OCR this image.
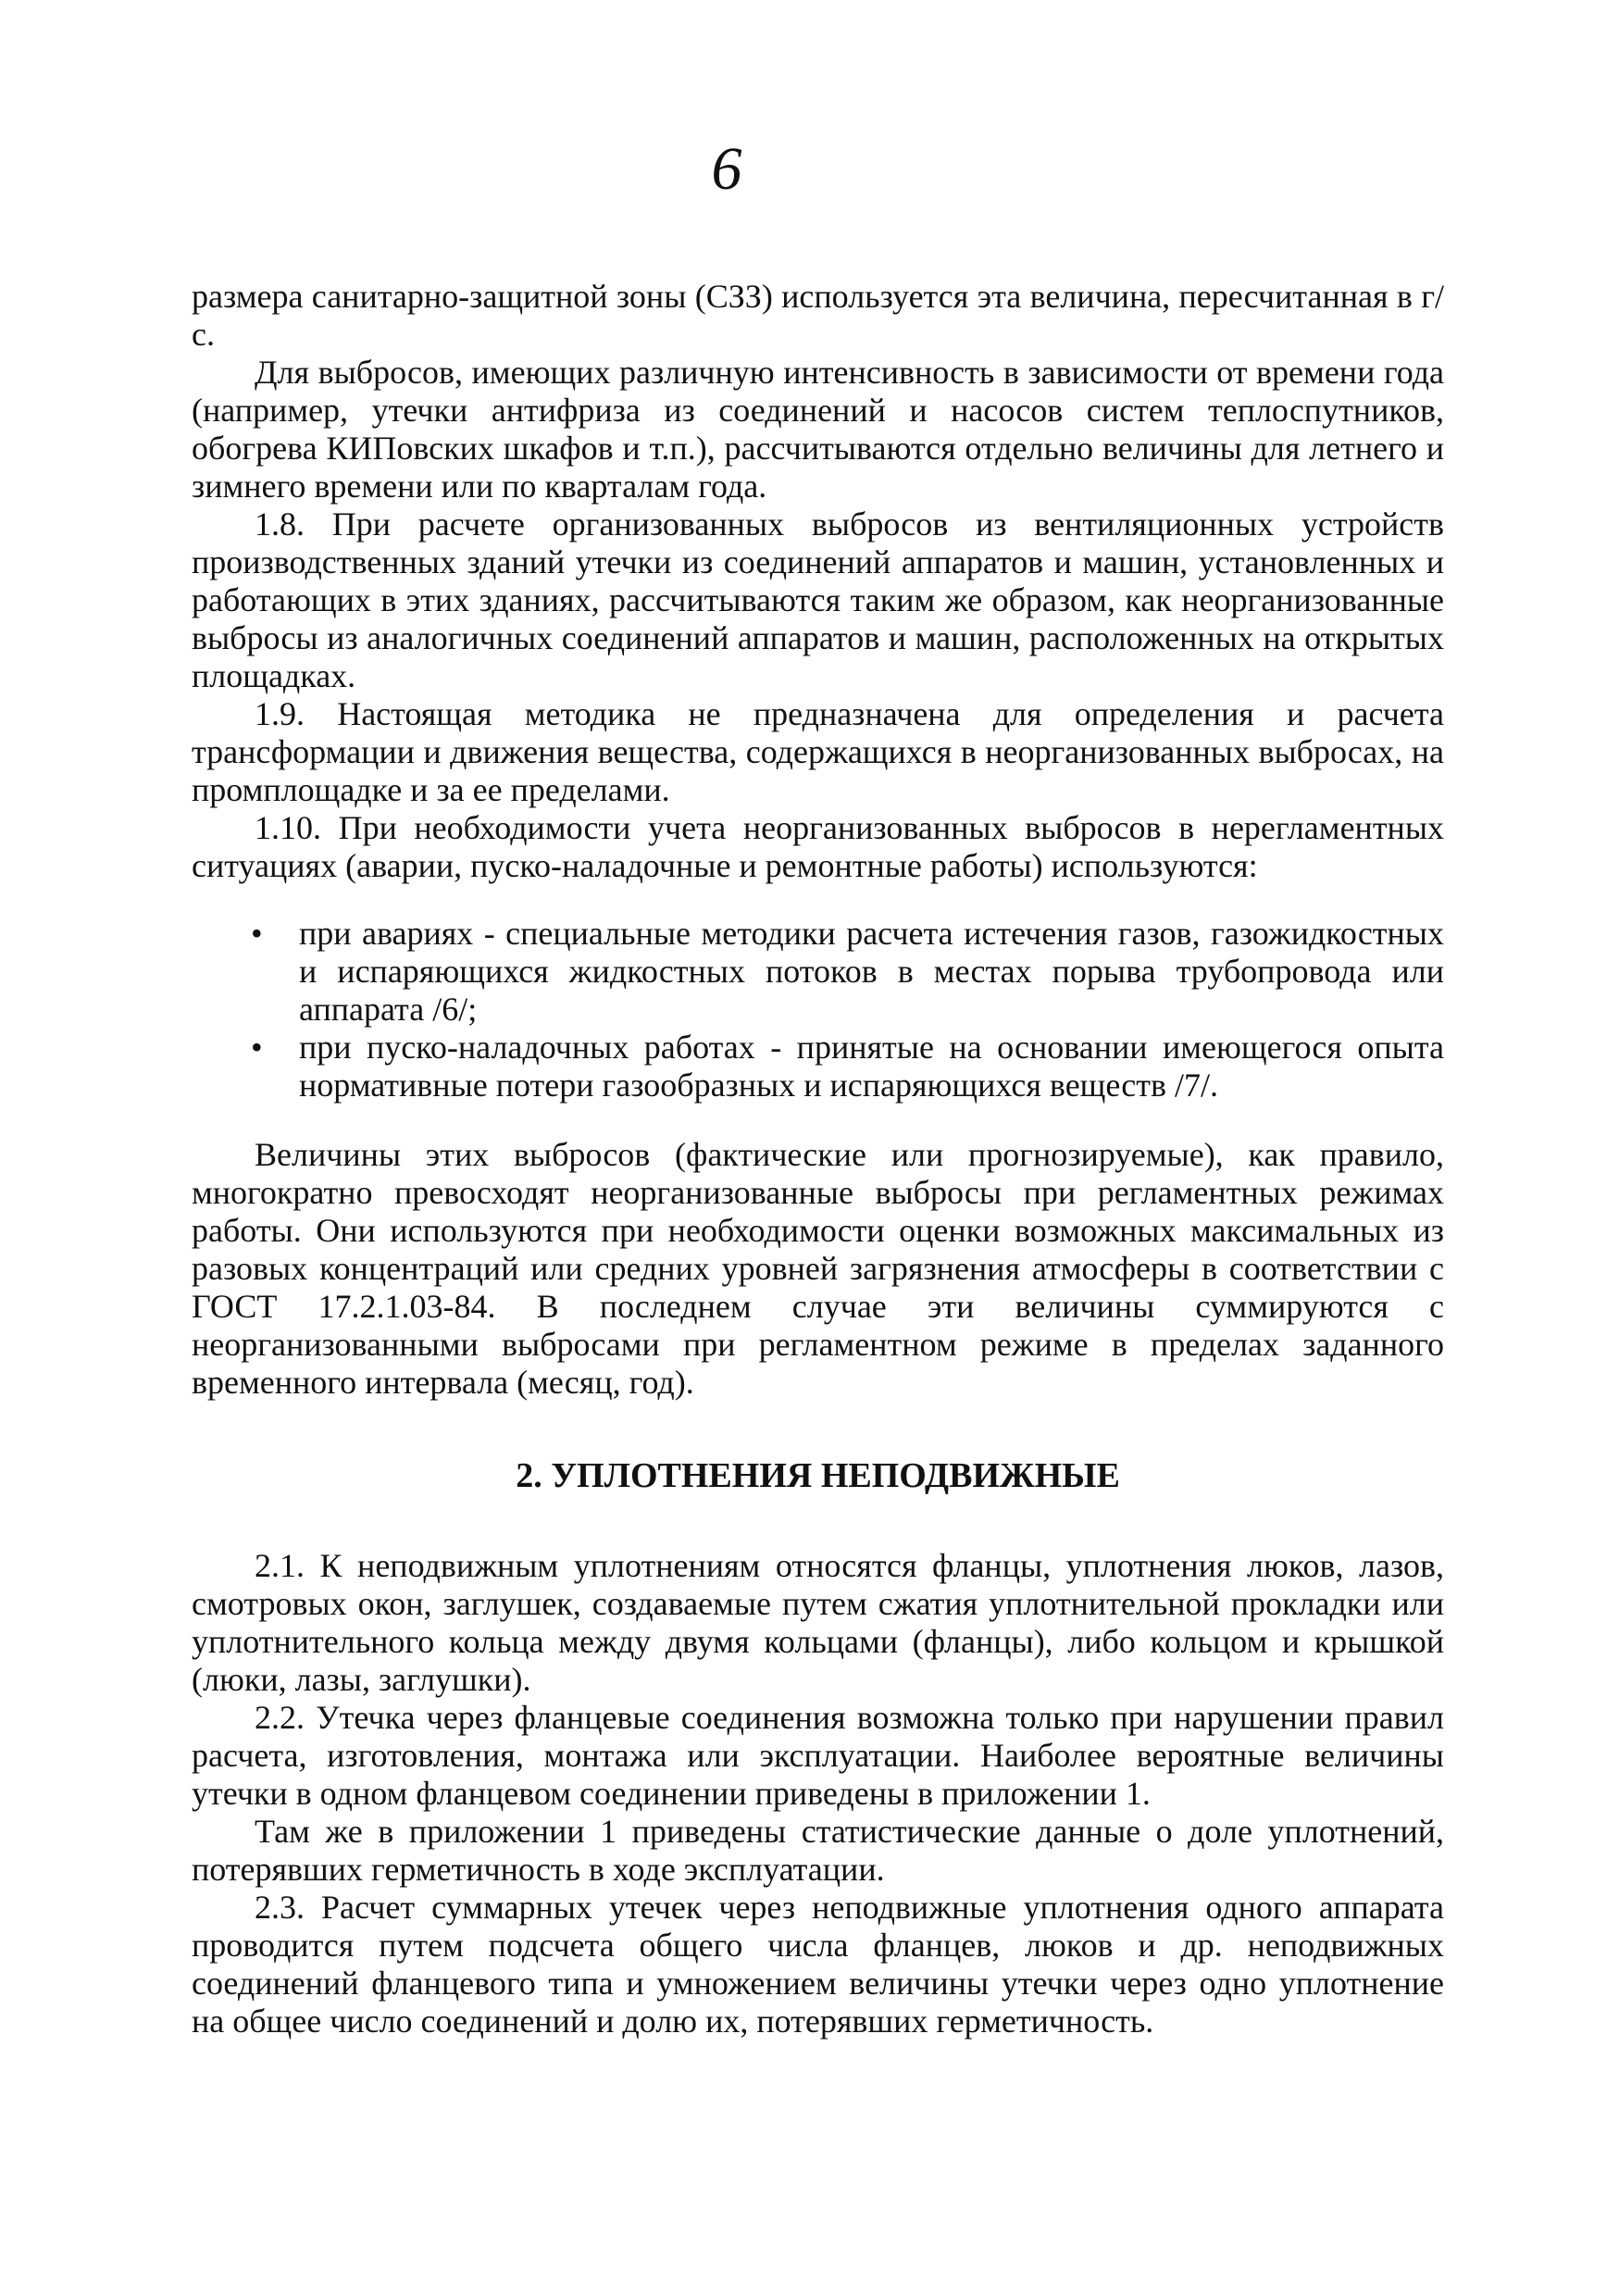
6

размера санитарно-защитной зоны (СЗЗ) используется эта величина, пересчитанная в г/с.

Для выбросов, имеющих различную интенсивность в зависимости от времени года (например, утечки антифриза из соединений и насосов систем теплоспутников, обогрева КИПовских шкафов и т.п.), рассчитываются отдельно величины для летнего и зимнего времени или по кварталам года.

1.8. При расчете организованных выбросов из вентиляционных устройств производственных зданий утечки из соединений аппаратов и машин, установленных и работающих в этих зданиях, рассчитываются таким же образом, как неорганизованные выбросы из аналогичных соединений аппаратов и машин, расположенных на открытых площадках.

1.9. Настоящая методика не предназначена для определения и расчета трансформации и движения вещества, содержащихся в неорганизованных выбросах, на промплощадке и за ее пределами.

1.10. При необходимости учета неорганизованных выбросов в нерегламентных ситуациях (аварии, пуско-наладочные и ремонтные работы) используются:

• при авариях - специальные методики расчета истечения газов, газожидкостных и испаряющихся жидкостных потоков в местах порыва трубопровода или аппарата /6/;
• при пуско-наладочных работах - принятые на основании имеющегося опыта нормативные потери газообразных и испаряющихся веществ /7/.

Величины этих выбросов (фактические или прогнозируемые), как правило, многократно превосходят неорганизованные выбросы при регламентных режимах работы. Они используются при необходимости оценки возможных максимальных из разовых концентраций или средних уровней загрязнения атмосферы в соответствии с ГОСТ 17.2.1.03-84. В последнем случае эти величины суммируются с неорганизованными выбросами при регламентном режиме в пределах заданного временного интервала (месяц, год).

2. УПЛОТНЕНИЯ НЕПОДВИЖНЫЕ

2.1. К неподвижным уплотнениям относятся фланцы, уплотнения люков, лазов, смотровых окон, заглушек, создаваемые путем сжатия уплотнительной прокладки или уплотнительного кольца между двумя кольцами (фланцы), либо кольцом и крышкой (люки, лазы, заглушки).

2.2. Утечка через фланцевые соединения возможна только при нарушении правил расчета, изготовления, монтажа или эксплуатации. Наиболее вероятные величины утечки в одном фланцевом соединении приведены в приложении 1.

Там же в приложении 1 приведены статистические данные о доле уплотнений, потерявших герметичность в ходе эксплуатации.

2.3. Расчет суммарных утечек через неподвижные уплотнения одного аппарата проводится путем подсчета общего числа фланцев, люков и др. неподвижных соединений фланцевого типа и умножением величины утечки через одно уплотнение на общее число соединений и долю их, потерявших герметичность.
